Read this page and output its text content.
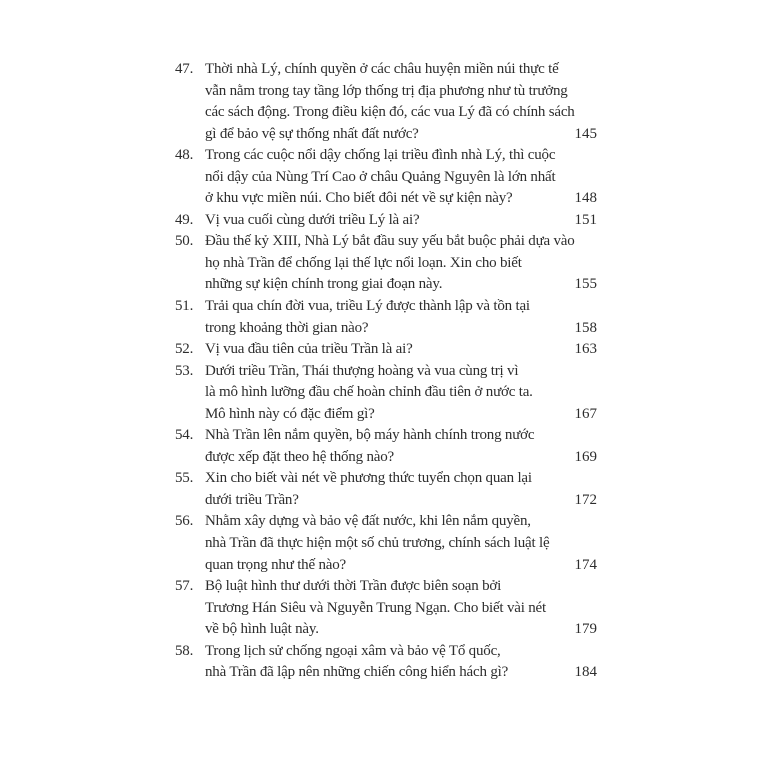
47. Thời nhà Lý, chính quyền ở các châu huyện miền núi thực tế
vẫn nằm trong tay tầng lớp thống trị địa phương như tù trưởng
các sách động. Trong điều kiện đó, các vua Lý đã có chính sách
gì để bảo vệ sự thống nhất đất nước?	145
48. Trong các cuộc nổi dậy chống lại triều đình nhà Lý, thì cuộc
nổi dậy của Nùng Trí Cao ở châu Quảng Nguyên là lớn nhất
ở khu vực miền núi. Cho biết đôi nét về sự kiện này?	148
49. Vị vua cuối cùng dưới triều Lý là ai?	151
50. Đầu thế kỷ XIII, Nhà Lý bắt đầu suy yếu bắt buộc phải dựa vào
họ nhà Trần để chống lại thế lực nổi loạn. Xin cho biết
những sự kiện chính trong giai đoạn này.	155
51. Trải qua chín đời vua, triều Lý được thành lập và tồn tại
trong khoảng thời gian nào?	158
52. Vị vua đầu tiên của triều Trần là ai?	163
53. Dưới triều Trần, Thái thượng hoàng và vua cùng trị vì
là mô hình lưỡng đầu chế hoàn chỉnh đầu tiên ở nước ta.
Mô hình này có đặc điểm gì?	167
54. Nhà Trần lên nắm quyền, bộ máy hành chính trong nước
được xếp đặt theo hệ thống nào?	169
55. Xin cho biết vài nét về phương thức tuyển chọn quan lại
dưới triều Trần?	172
56. Nhằm xây dựng và bảo vệ đất nước, khi lên nắm quyền,
nhà Trần đã thực hiện một số chủ trương, chính sách luật lệ
quan trọng như thế nào?	174
57. Bộ luật hình thư dưới thời Trần được biên soạn bởi
Trương Hán Siêu và Nguyễn Trung Ngạn. Cho biết vài nét
về bộ hình luật này.	179
58. Trong lịch sử chống ngoại xâm và bảo vệ Tổ quốc,
nhà Trần đã lập nên những chiến công hiển hách gì?	184
